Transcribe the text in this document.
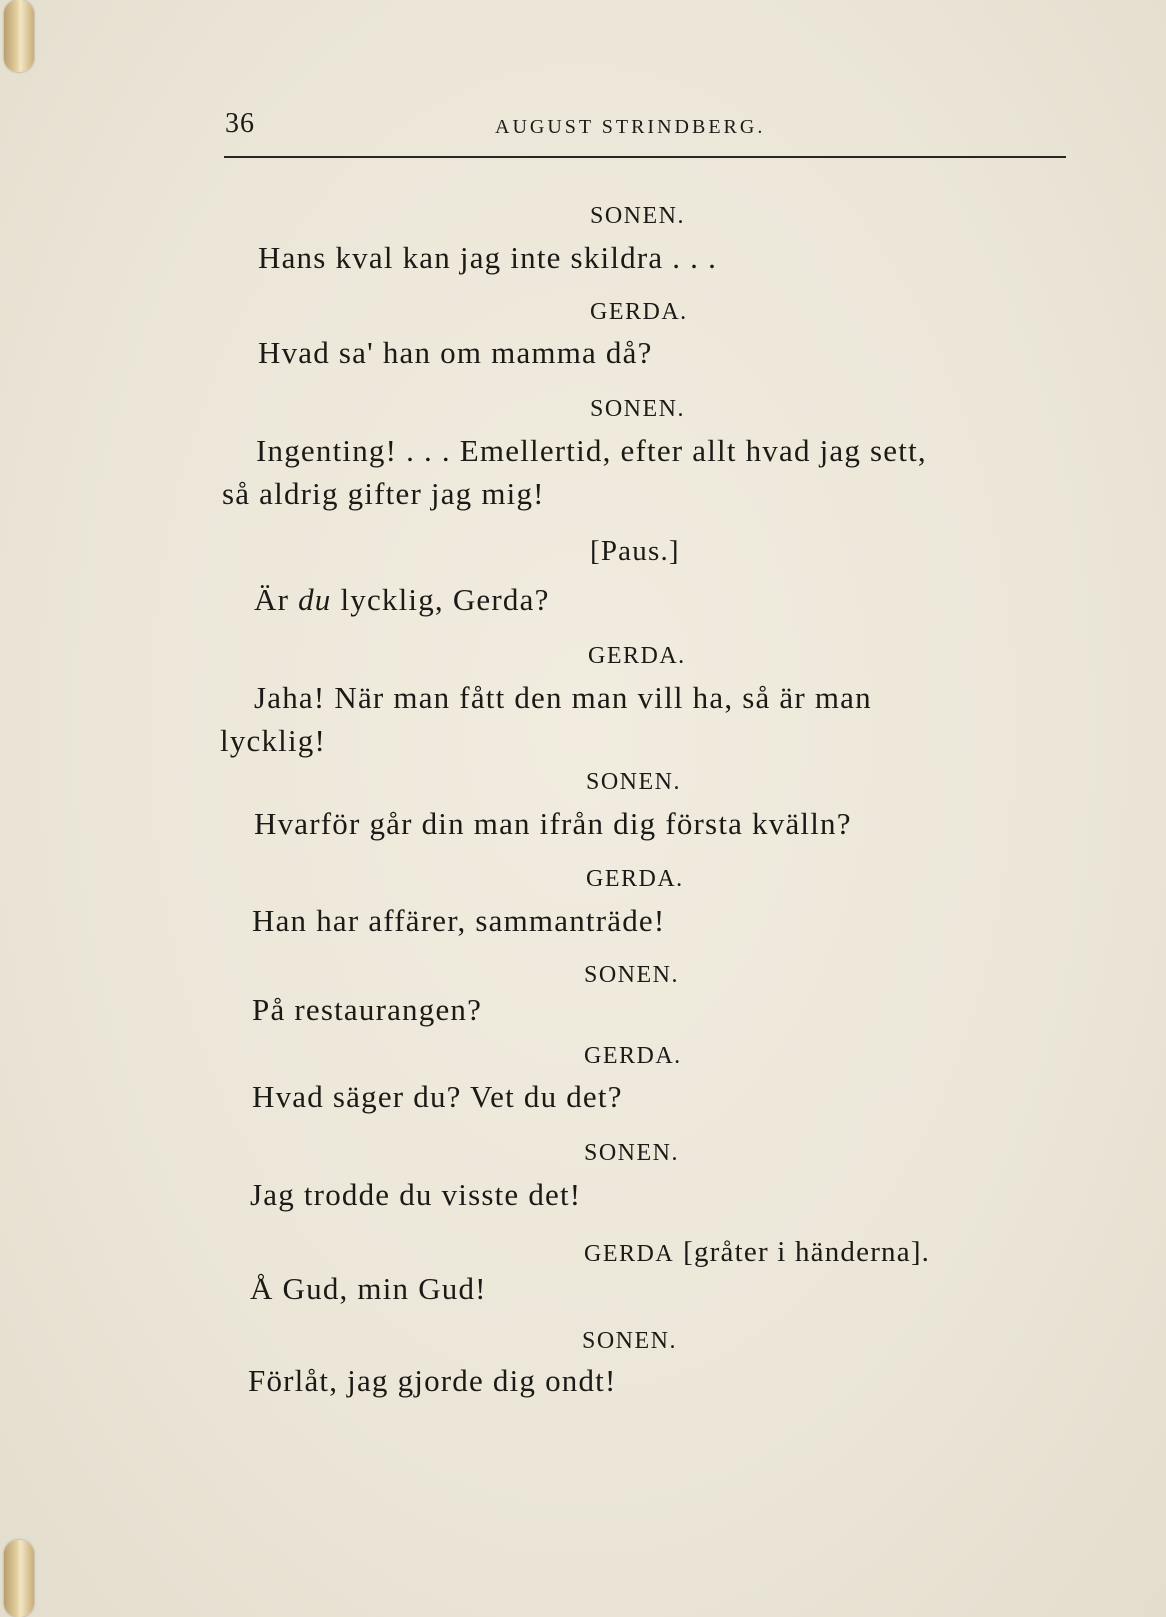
36	AUGUST STRINDBERG.
SONEN.
Hans kval kan jag inte skildra . . .
GERDA.
Hvad sa' han om mamma då?
SONEN.
Ingenting! . . . Emellertid, efter allt hvad jag sett,
så aldrig gifter jag mig!
[Paus.]
Är du lycklig, Gerda?
GERDA.
Jaha! När man fått den man vill ha, så är man
lycklig!
SONEN.
Hvarför går din man ifrån dig första kvälln?
GERDA.
Han har affärer, sammanträde!
SONEN.
På restaurangen?
GERDA.
Hvad säger du? Vet du det?
SONEN.
Jag trodde du visste det!
GERDA [gråter i händerna].
Å Gud, min Gud!
SONEN.
Förlåt, jag gjorde dig ondt!
